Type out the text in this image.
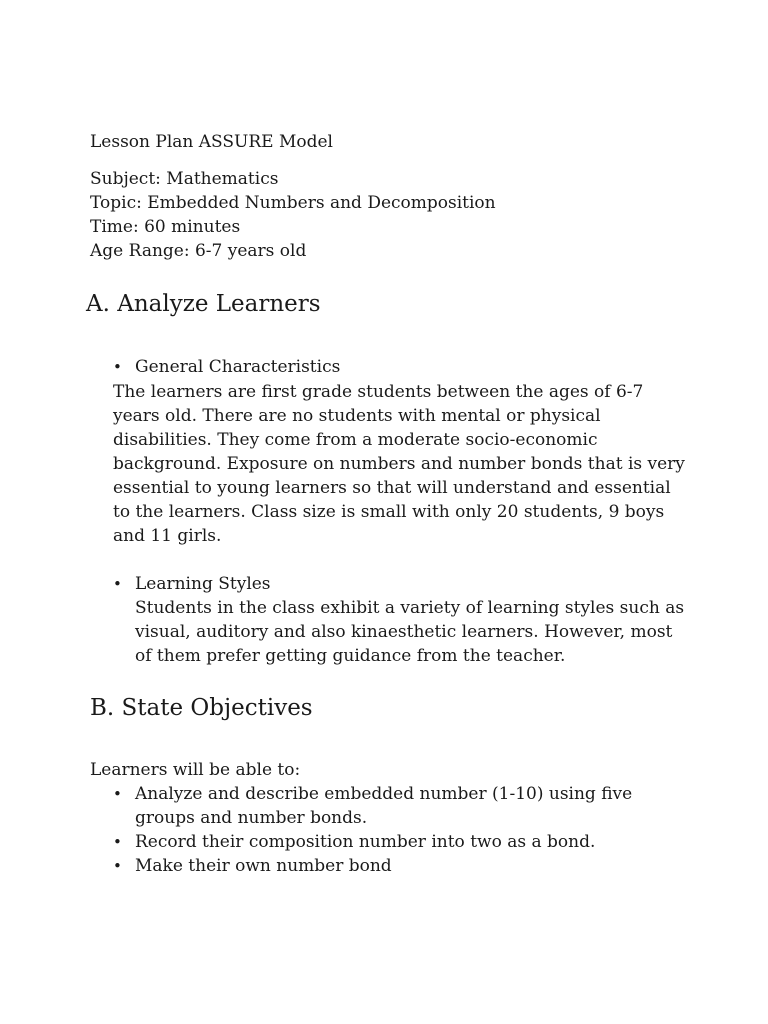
Lesson Plan ASSURE Model
Subject: Mathematics
Topic: Embedded Numbers and Decomposition
Time: 60 minutes
Age Range: 6-7 years old
A. Analyze Learners
• General Characteristics
The learners are first grade students between the ages of 6-7
years old. There are no students with mental or physical
disabilities. They come from a moderate socio-economic
background. Exposure on numbers and number bonds that is very
essential to young learners so that will understand and essential
to the learners. Class size is small with only 20 students, 9 boys
and 11 girls.
• Learning Styles
Students in the class exhibit a variety of learning styles such as
visual, auditory and also kinaesthetic learners. However, most
of them prefer getting guidance from the teacher.
B. State Objectives
Learners will be able to:
• Analyze and describe embedded number (1-10) using five
groups and number bonds.
• Record their composition number into two as a bond.
• Make their own number bond
